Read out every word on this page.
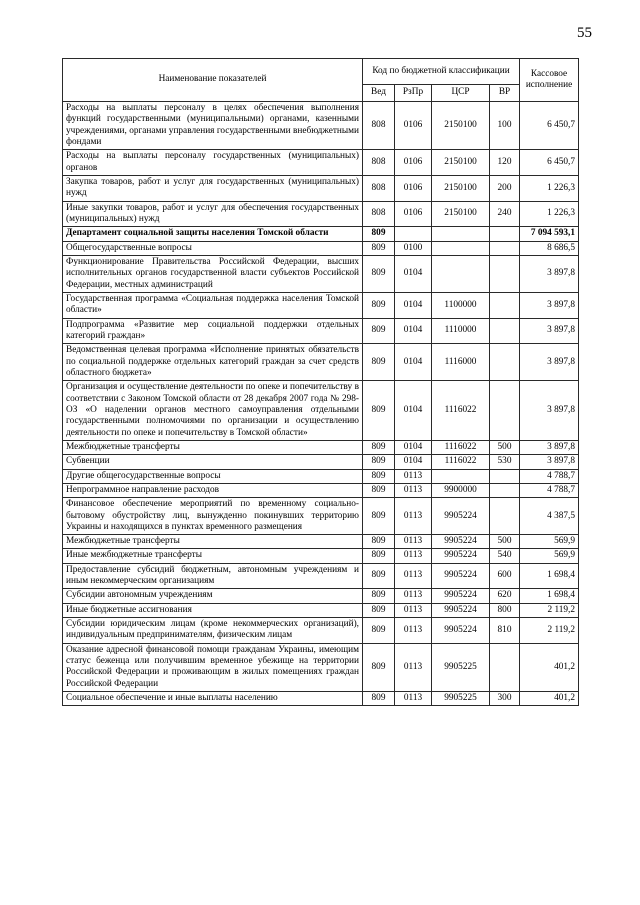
55
Наименование показателей	Код по бюджетной классификации				Кассовое исполнение
	Вед	РзПр	ЦСР	ВР	
Расходы на выплаты персоналу в целях обеспечения выполнения функций государственными (муниципальными) органами, казенными учреждениями, органами управления государственными внебюджетными фондами	808	0106	2150100	100	6 450,7
Расходы на выплаты персоналу государственных (муниципальных) органов	808	0106	2150100	120	6 450,7
Закупка товаров, работ и услуг для государственных (муниципальных) нужд	808	0106	2150100	200	1 226,3
Иные закупки товаров, работ и услуг для обеспечения государственных (муниципальных) нужд	808	0106	2150100	240	1 226,3
Департамент социальной защиты населения Томской области	809				7 094 593,1
Общегосударственные вопросы	809	0100			8 686,5
Функционирование Правительства Российской Федерации, высших исполнительных органов государственной власти субъектов Российской Федерации, местных администраций	809	0104			3 897,8
Государственная программа «Социальная поддержка населения Томской области»	809	0104	1100000		3 897,8
Подпрограмма «Развитие мер социальной поддержки отдельных категорий граждан»	809	0104	1110000		3 897,8
Ведомственная целевая программа «Исполнение принятых обязательств по социальной поддержке отдельных категорий граждан за счет средств областного бюджета»	809	0104	1116000		3 897,8
Организация и осуществление деятельности по опеке и попечительству в соответствии с Законом Томской области от 28 декабря 2007 года № 298-ОЗ «О наделении органов местного самоуправления отдельными государственными полномочиями по организации и осуществлению деятельности по опеке и попечительству в Томской области»	809	0104	1116022		3 897,8
Межбюджетные трансферты	809	0104	1116022	500	3 897,8
Субвенции	809	0104	1116022	530	3 897,8
Другие общегосударственные вопросы	809	0113			4 788,7
Непрограммное направление расходов	809	0113	9900000		4 788,7
Финансовое обеспечение мероприятий по временному социально-бытовому обустройству лиц, вынужденно покинувших территорию Украины и находящихся в пунктах временного размещения	809	0113	9905224		4 387,5
Межбюджетные трансферты	809	0113	9905224	500	569,9
Иные межбюджетные трансферты	809	0113	9905224	540	569,9
Предоставление субсидий бюджетным, автономным учреждениям и иным некоммерческим организациям	809	0113	9905224	600	1 698,4
Субсидии автономным учреждениям	809	0113	9905224	620	1 698,4
Иные бюджетные ассигнования	809	0113	9905224	800	2 119,2
Субсидии юридическим лицам (кроме некоммерческих организаций), индивидуальным предпринимателям, физическим лицам	809	0113	9905224	810	2 119,2
Оказание адресной финансовой помощи гражданам Украины, имеющим статус беженца или получившим временное убежище на территории Российской Федерации и проживающим в жилых помещениях граждан Российской Федерации	809	0113	9905225		401,2
Социальное обеспечение и иные выплаты населению	809	0113	9905225	300	401,2
